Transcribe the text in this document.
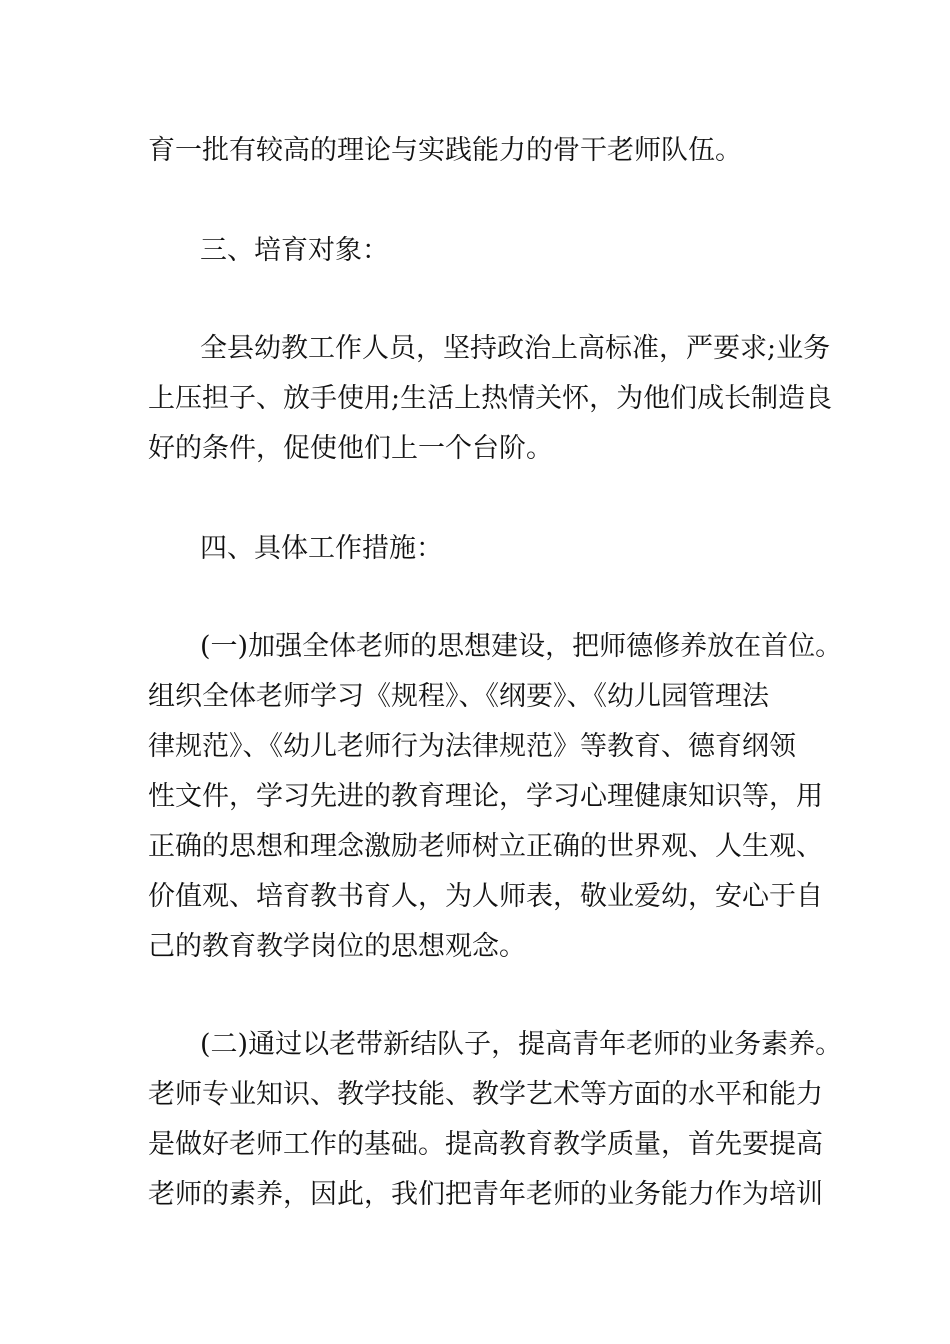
育一批有较高的理论与实践能力的骨干老师队伍。
三、培育对象：
全县幼教工作人员，坚持政治上高标准，严要求;业务
上压担子、放手使用;生活上热情关怀，为他们成长制造良
好的条件，促使他们上一个台阶。
四、具体工作措施：
(一)加强全体老师的思想建设，把师德修养放在首位。
组织全体老师学习《规程》、《纲要》、《幼儿园管理法
律规范》、《幼儿老师行为法律规范》等教育、德育纲领
性文件，学习先进的教育理论，学习心理健康知识等，用
正确的思想和理念激励老师树立正确的世界观、人生观、
价值观、培育教书育人，为人师表，敬业爱幼，安心于自
己的教育教学岗位的思想观念。
(二)通过以老带新结队子，提高青年老师的业务素养。
老师专业知识、教学技能、教学艺术等方面的水平和能力
是做好老师工作的基础。提高教育教学质量，首先要提高
老师的素养，因此，我们把青年老师的业务能力作为培训
